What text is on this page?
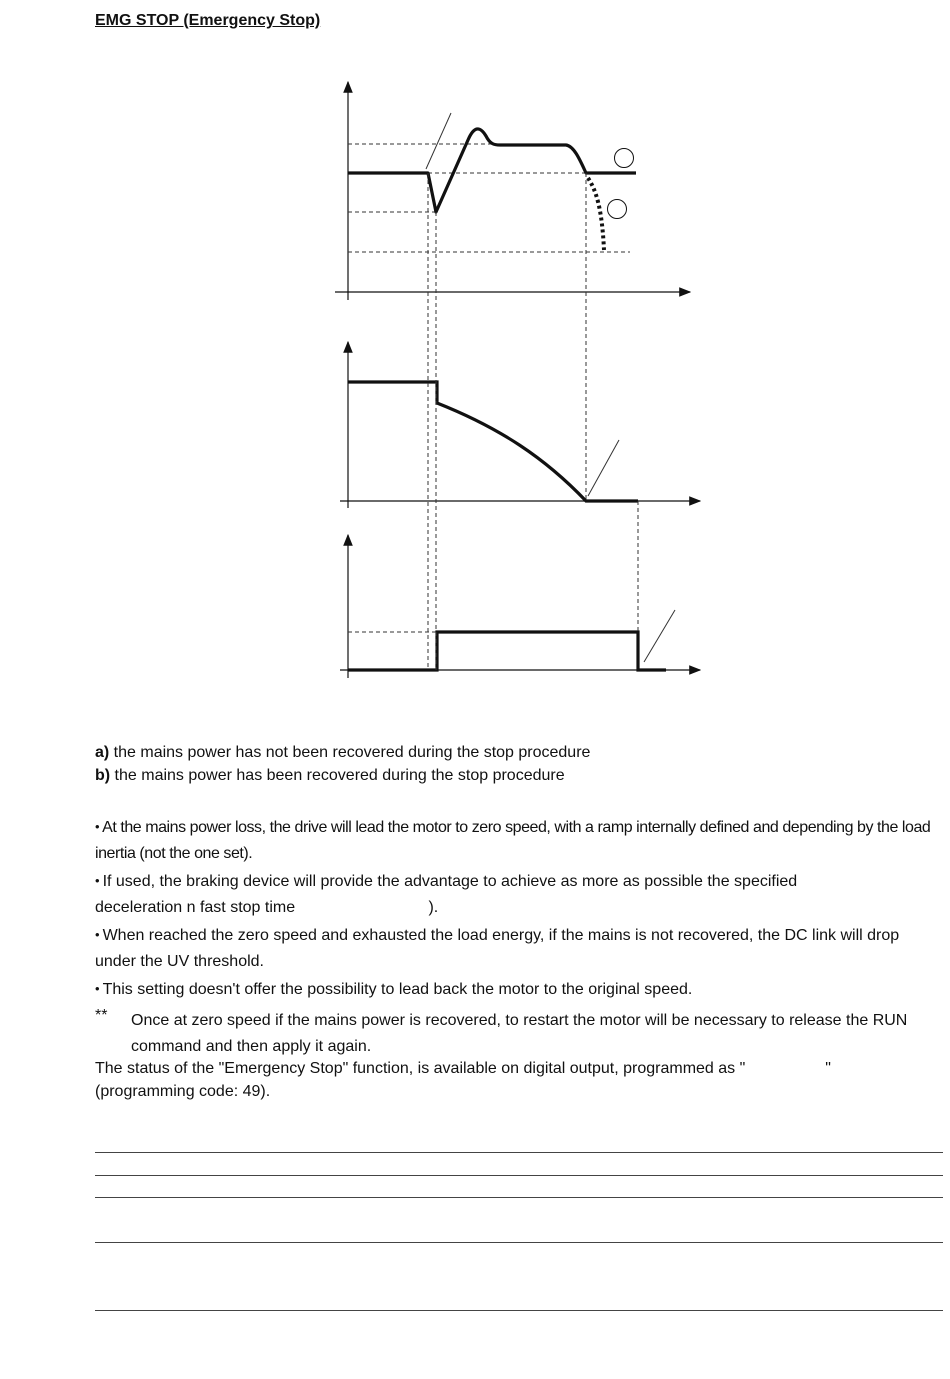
EMG STOP (Emergency Stop)
a) the mains power has not been recovered during the stop procedure
b) the mains power has been recovered during the stop procedure
• At the mains power loss, the drive will lead the motor to zero speed, with a ramp internally defined and depending by the load inertia (not the one set).
• If used, the braking device will provide the advantage to achieve as more as possible the specified deceleration n fast stop time                              ).
• When reached the zero speed and exhausted the load energy, if the mains is not recovered, the DC link will drop under the UV threshold.
• This setting doesn't offer the possibility to lead back the motor to the original speed.
** Once at zero speed if the mains power is recovered, to restart the motor will be necessary to release the RUN command and then apply it again.
The status of the "Emergency Stop" function, is available on digital output, programmed as "                  "
(programming code: 49).
